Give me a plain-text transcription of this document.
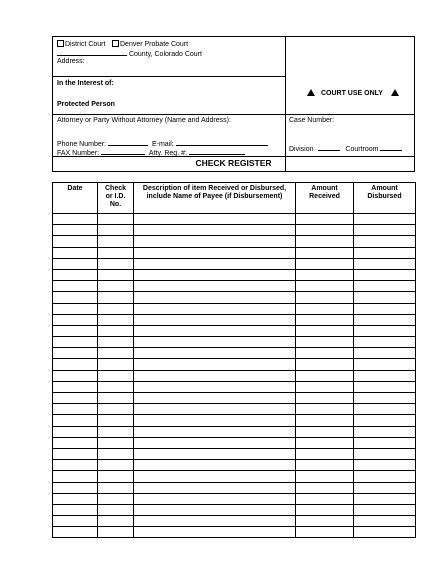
District Court	Denver Probate Court
County, Colorado Court
Address:
In the Interest of:
Protected Person
COURT USE ONLY
Attorney or Party Without Attorney (Name and Address):
Phone Number:	E-mail:
FAX Number:	Atty. Reg. #:
Case Number:
Division	Courtroom
CHECK REGISTER
Date	Check or I.D. No.	Description of item Received or Disbursed, include Name of Payee (if Disbursement)	Amount Received	Amount Disbursed
